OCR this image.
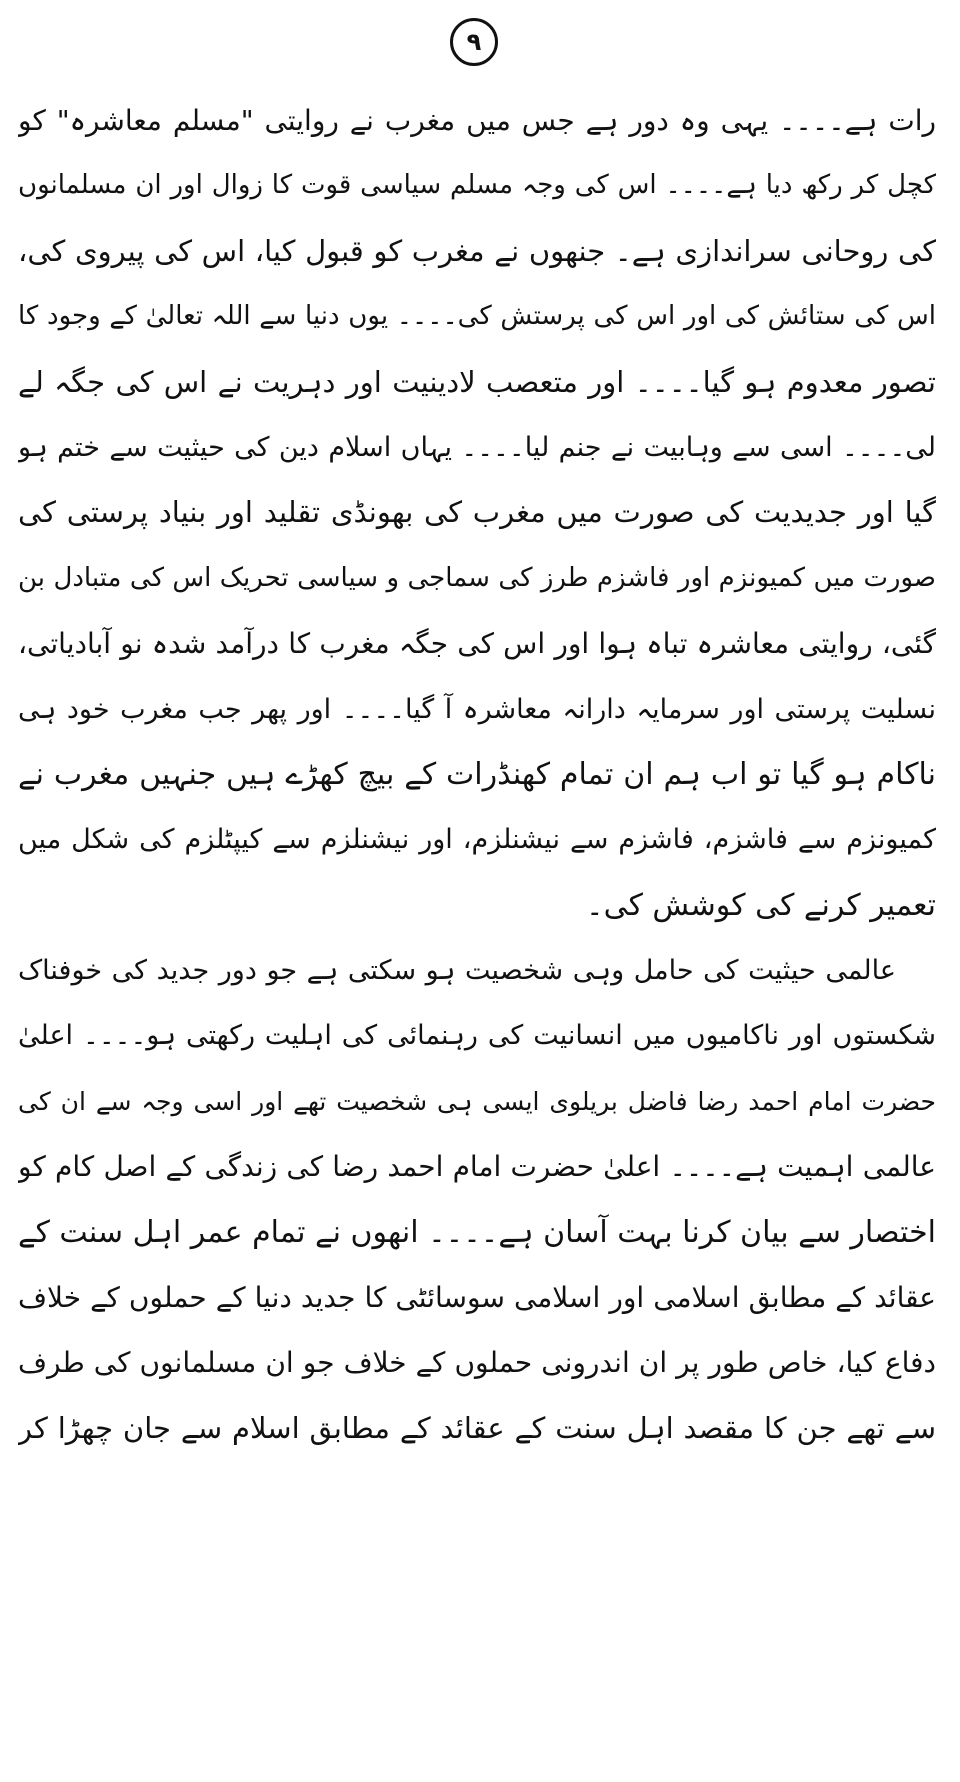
٩
رات ہے۔۔۔۔ یہی وہ دور ہے جس میں مغرب نے روایتی "مسلم معاشرہ" کو
کچل کر رکھ دیا ہے۔۔۔۔ اس کی وجہ مسلم سیاسی قوت کا زوال اور ان مسلمانوں
کی روحانی سراندازی ہے۔ جنھوں نے مغرب کو قبول کیا، اس کی پیروی کی،
اس کی ستائش کی اور اس کی پرستش کی۔۔۔۔ یوں دنیا سے اللہ تعالیٰ کے وجود کا
تصور معدوم ہو گیا۔۔۔۔ اور متعصب لادینیت اور دہریت نے اس کی جگہ لے
لی۔۔۔۔ اسی سے وہابیت نے جنم لیا۔۔۔۔ یہاں اسلام دین کی حیثیت سے ختم ہو
گیا اور جدیدیت کی صورت میں مغرب کی بھونڈی تقلید اور بنیاد پرستی کی
صورت میں کمیونزم اور فاشزم طرز کی سماجی و سیاسی تحریک اس کی متبادل بن
گئی، روایتی معاشرہ تباہ ہوا اور اس کی جگہ مغرب کا درآمد شدہ نو آبادیاتی،
نسلیت پرستی اور سرمایہ دارانہ معاشرہ آ گیا۔۔۔۔ اور پھر جب مغرب خود ہی
ناکام ہو گیا تو اب ہم ان تمام کھنڈرات کے بیچ کھڑے ہیں جنہیں مغرب نے
کمیونزم سے فاشزم، فاشزم سے نیشنلزم، اور نیشنلزم سے کیپٹلزم کی شکل میں
تعمیر کرنے کی کوشش کی۔
عالمی حیثیت کی حامل وہی شخصیت ہو سکتی ہے جو دور جدید کی خوفناک
شکستوں اور ناکامیوں میں انسانیت کی رہنمائی کی اہلیت رکھتی ہو۔۔۔۔ اعلیٰ
حضرت امام احمد رضا فاضل بریلوی ایسی ہی شخصیت تھے اور اسی وجہ سے ان کی
عالمی اہمیت ہے۔۔۔۔ اعلیٰ حضرت امام احمد رضا کی زندگی کے اصل کام کو
اختصار سے بیان کرنا بہت آسان ہے۔۔۔۔ انھوں نے تمام عمر اہل سنت کے
عقائد کے مطابق اسلامی اور اسلامی سوسائٹی کا جدید دنیا کے حملوں کے خلاف
دفاع کیا، خاص طور پر ان اندرونی حملوں کے خلاف جو ان مسلمانوں کی طرف
سے تھے جن کا مقصد اہل سنت کے عقائد کے مطابق اسلام سے جان چھڑا کر
